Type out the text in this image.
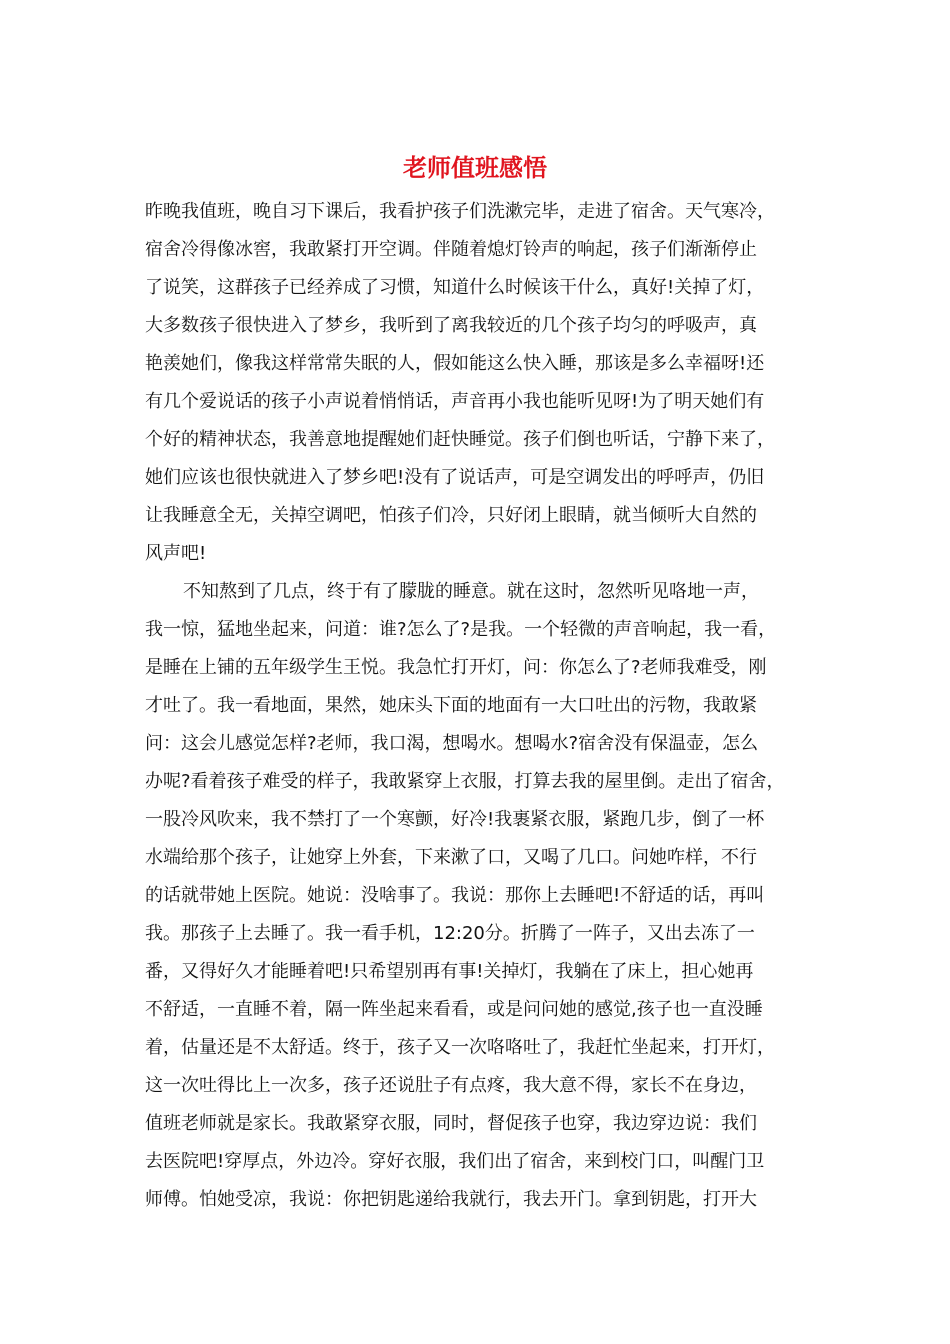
老师值班感悟
昨晚我值班，晚自习下课后，我看护孩子们洗漱完毕，走进了宿舍。天气寒冷，
宿舍冷得像冰窖，我敢紧打开空调。伴随着熄灯铃声的响起，孩子们渐渐停止
了说笑，这群孩子已经养成了习惯，知道什么时候该干什么，真好!关掉了灯，
大多数孩子很快进入了梦乡，我听到了离我较近的几个孩子均匀的呼吸声，真
艳羡她们，像我这样常常失眠的人，假如能这么快入睡，那该是多么幸福呀!还
有几个爱说话的孩子小声说着悄悄话，声音再小我也能听见呀!为了明天她们有
个好的精神状态，我善意地提醒她们赶快睡觉。孩子们倒也听话，宁静下来了，
她们应该也很快就进入了梦乡吧!没有了说话声，可是空调发出的呼呼声，仍旧
让我睡意全无，关掉空调吧，怕孩子们冷，只好闭上眼睛，就当倾听大自然的
风声吧!
不知熬到了几点，终于有了朦胧的睡意。就在这时，忽然听见咯地一声，
我一惊，猛地坐起来，问道：谁?怎么了?是我。一个轻微的声音响起，我一看，
是睡在上铺的五年级学生王悦。我急忙打开灯，问：你怎么了?老师我难受，刚
才吐了。我一看地面，果然，她床头下面的地面有一大口吐出的污物，我敢紧
问：这会儿感觉怎样?老师，我口渴，想喝水。想喝水?宿舍没有保温壶，怎么
办呢?看着孩子难受的样子，我敢紧穿上衣服，打算去我的屋里倒。走出了宿舍，
一股冷风吹来，我不禁打了一个寒颤，好冷!我裹紧衣服，紧跑几步，倒了一杯
水端给那个孩子，让她穿上外套，下来漱了口，又喝了几口。问她咋样，不行
的话就带她上医院。她说：没啥事了。我说：那你上去睡吧!不舒适的话，再叫
我。那孩子上去睡了。我一看手机，12:20分。折腾了一阵子，又出去冻了一
番，又得好久才能睡着吧!只希望别再有事!关掉灯，我躺在了床上，担心她再
不舒适，一直睡不着，隔一阵坐起来看看，或是问问她的感觉,孩子也一直没睡
着，估量还是不太舒适。终于，孩子又一次咯咯吐了，我赶忙坐起来，打开灯，
这一次吐得比上一次多，孩子还说肚子有点疼，我大意不得，家长不在身边，
值班老师就是家长。我敢紧穿衣服，同时，督促孩子也穿，我边穿边说：我们
去医院吧!穿厚点，外边冷。穿好衣服，我们出了宿舍，来到校门口，叫醒门卫
师傅。怕她受凉，我说：你把钥匙递给我就行，我去开门。拿到钥匙，打开大
